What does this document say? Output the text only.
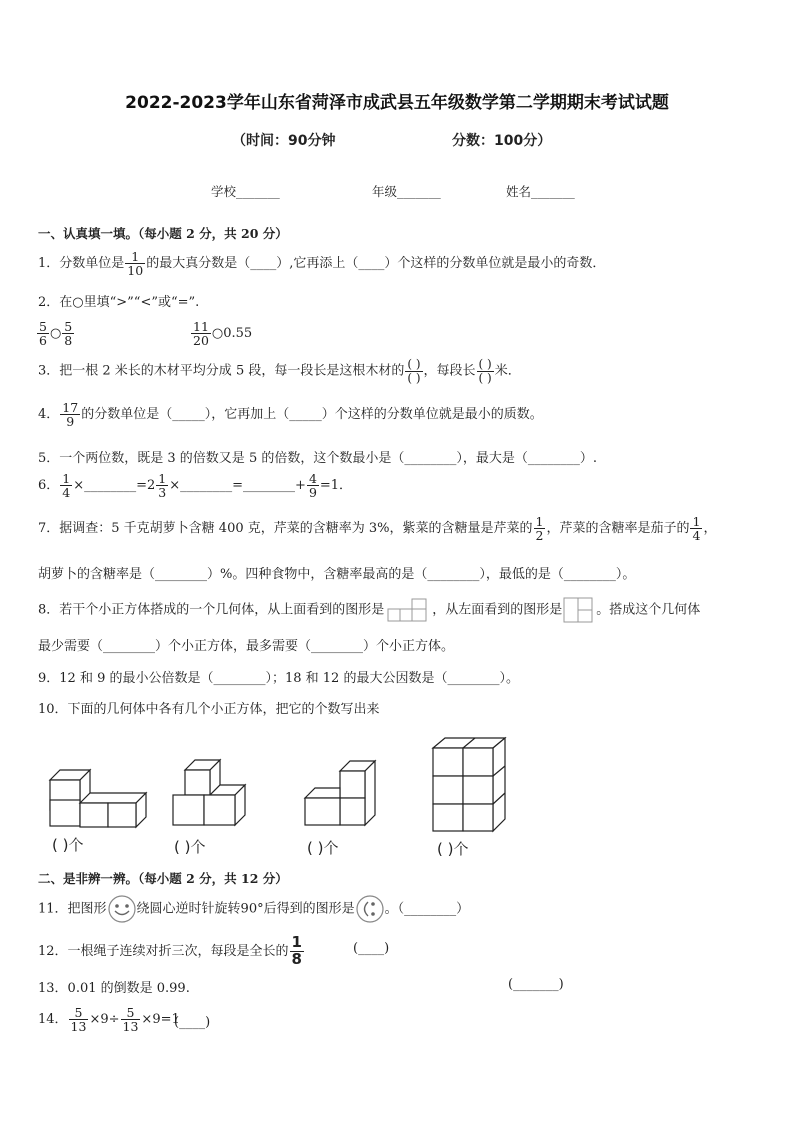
2022-2023学年山东省菏泽市成武县五年级数学第二学期期末考试试题
（时间：90分钟	分数：100分）
学校_______	年级_______	姓名_______
一、认真填一填。（每小题 2 分，共 20 分）
1．分数单位是 $\frac{1}{10}$ 的最大真分数是（____）,它再添上（____）个这样的分数单位就是最小的奇数．
2．在○里填“>”“<”或“=”.
$\frac{5}{6}$ ○ $\frac{5}{8}$	$\frac{11}{20}$ ○0.55
3．把一根 2 米长的木材平均分成 5 段，每一段长是这根木材的 $\frac{( )}{( )}$ ，每段长 $\frac{( )}{( )}$ 米．
4． $\frac{17}{9}$ 的分数单位是（_____），它再加上（_____）个这样的分数单位就是最小的质数。
5．一个两位数，既是 3 的倍数又是 5 的倍数，这个数最小是（________），最大是（________）.
6． $\frac{1}{4}$ ×________=2 $\frac{1}{3}$ ×________=________+ $\frac{4}{9} =1$．
7．据调查：5 千克胡萝卜含糖 400 克，芹菜的含糖率为 3%，紫菜的含糖量是芹菜的 $\frac{1}{2}$ ，芹菜的含糖率是茄子的 $\frac{1}{4}$ ，
胡萝卜的含糖率是（________）%。四种食物中，含糖率最高的是（________），最低的是（________）。
8．若干个小正方体搭成的一个几何体，从上面看到的图形是	，从左面看到的图形是	。搭成这个几何体
最少需要（________）个小正方体，最多需要（________）个小正方体。
9．12 和 9 的最小公倍数是（________）；18 和 12 的最大公因数是（________）。
10．下面的几何体中各有几个小正方体，把它的个数写出来
( )个	( )个	( )个	( )个
二、是非辨一辨。（每小题 2 分，共 12 分）
11．把图形 绕圆心逆时针旋转90°后得到的图形是 。（________）
12．一根绳子连续对折三次，每段是全长的 $\frac{1}{8}$	(____)
13．0.01 的倒数是 0.99.	(_______)
14． $\frac{5}{13} \times 9\div \frac{5}{13} \times 9=1$
(____)
